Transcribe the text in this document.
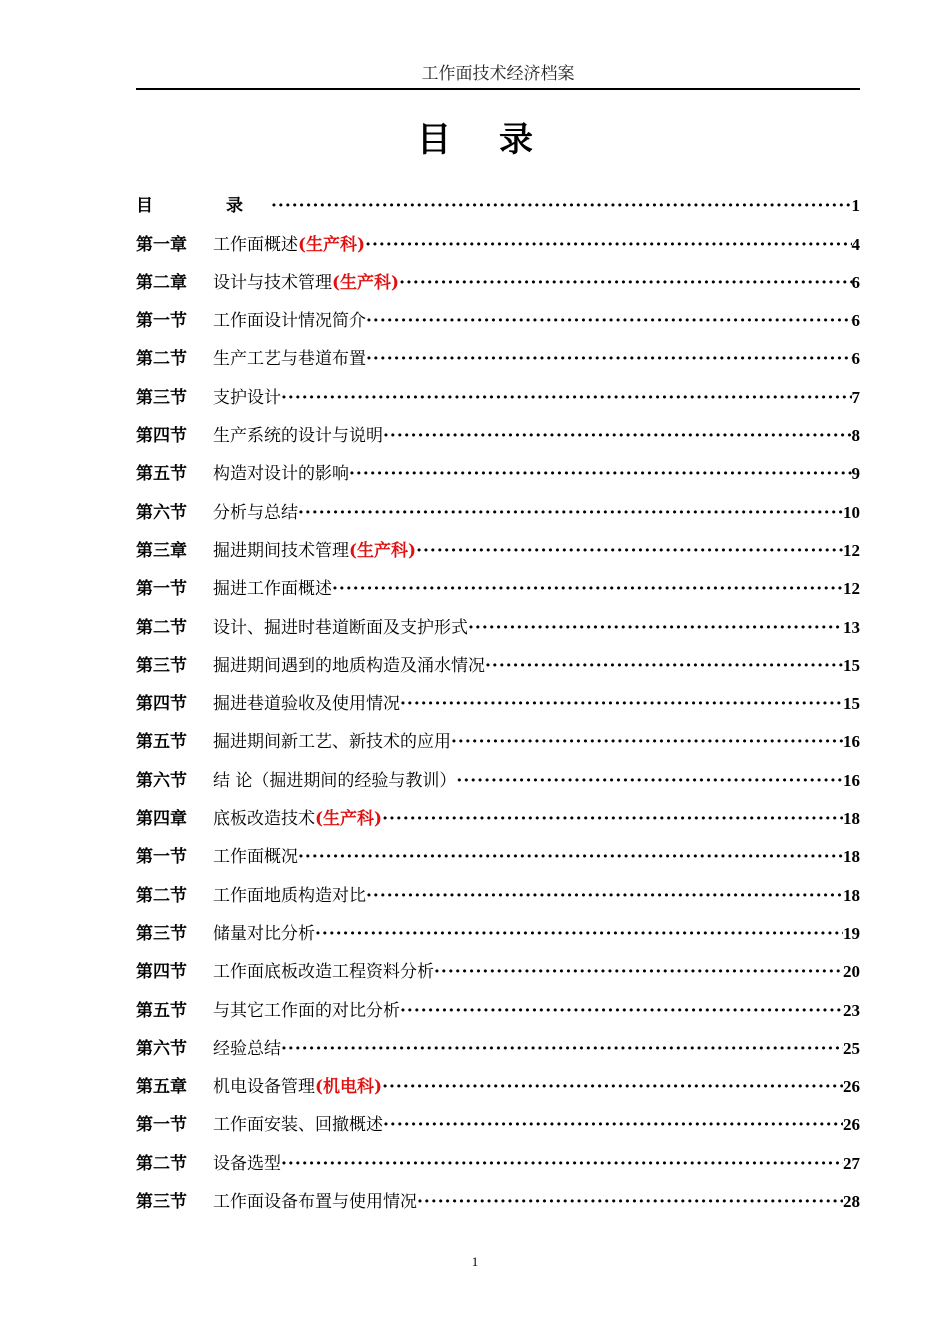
工作面技术经济档案
目录
目　录 ·····	1
第一章	工作面概述 (生产科) ·····	4
第二章	设计与技术管理 (生产科) ·····	6
第一节	工作面设计情况简介 ·····	6
第二节	生产工艺与巷道布置 ·····	6
第三节	支护设计 ·····	7
第四节	生产系统的设计与说明 ·····	8
第五节	构造对设计的影响 ·····	9
第六节	分析与总结 ·····	10
第三章	掘进期间技术管理 (生产科) ·····	12
第一节	掘进工作面概述 ·····	12
第二节	设计、掘进时巷道断面及支护形式 ·····	13
第三节	掘进期间遇到的地质构造及涌水情况 ·····	15
第四节	掘进巷道验收及使用情况 ·····	15
第五节	掘进期间新工艺、新技术的应用 ·····	16
第六节	结 论（掘进期间的经验与教训） ·····	16
第四章	底板改造技术 (生产科) ·····	18
第一节	工作面概况 ·····	18
第二节	工作面地质构造对比 ·····	18
第三节	储量对比分析 ·····	19
第四节	工作面底板改造工程资料分析 ·····	20
第五节	与其它工作面的对比分析 ·····	23
第六节	经验总结 ·····	25
第五章	机电设备管理 (机电科) ·····	26
第一节	工作面安装、回撤概述 ·····	26
第二节	设备选型 ·····	27
第三节	工作面设备布置与使用情况 ·····	28
1
